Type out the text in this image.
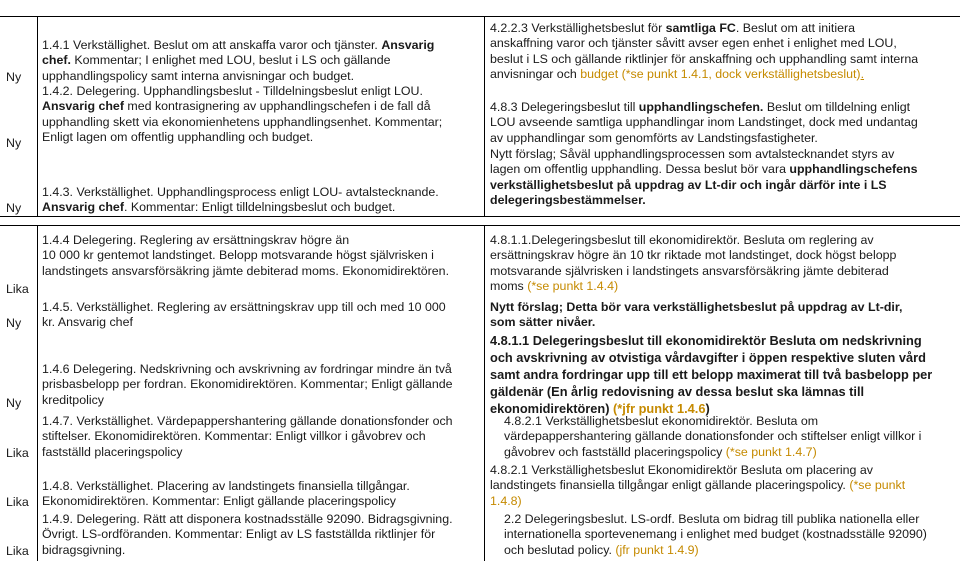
Ny
1.4.1 Verkställighet. Beslut om att anskaffa varor och tjänster. Ansvarig
chef. Kommentar; I enlighet med LOU, beslut i LS och gällande
upphandlingspolicy samt interna anvisningar och budget.
4.2.2.3 Verkställighetsbeslut för samtliga FC. Beslut om att initiera
anskaffning varor och tjänster såvitt avser egen enhet i enlighet med LOU,
beslut i LS och gällande riktlinjer för anskaffning och upphandling samt interna
anvisningar och budget (*se punkt 1.4.1, dock verkställighetsbeslut).
Ny
1.4.2. Delegering. Upphandlingsbeslut - Tilldelningsbeslut enligt LOU.
Ansvarig chef med kontrasignering av upphandlingschefen i de fall då
upphandling skett via ekonomienhetens upphandlingsenhet. Kommentar;
Enligt lagen om offentlig upphandling och budget.
4.8.3 Delegeringsbeslut till upphandlingschefen. Beslut om tilldelning enligt
LOU avseende samtliga upphandlingar inom Landstinget, dock med undantag
av upphandlingar som genomförts av Landstingsfastigheter.
Ny
1.4.3. Verkställighet. Upphandlingsprocess enligt LOU- avtalstecknande.
Ansvarig chef. Kommentar: Enligt tilldelningsbeslut och budget.
Nytt förslag; Såväl upphandlingsprocessen som avtalstecknandet styrs av
lagen om offentlig upphandling. Dessa beslut bör vara upphandlingschefens
verkställighetsbeslut på uppdrag av Lt-dir och ingår därför inte i LS
delegeringsbestämmelser.
Lika
1.4.4 Delegering. Reglering av ersättningskrav högre än
10 000 kr gentemot landstinget. Belopp motsvarande högst självrisken i
landstingets ansvarsförsäkring jämte debiterad moms. Ekonomidirektören.
4.8.1.1.Delegeringsbeslut till ekonomidirektör. Besluta om reglering av
ersättningskrav högre än 10 tkr riktade mot landstinget, dock högst belopp
motsvarande självrisken i landstingets ansvarsförsäkring jämte debiterad
moms (*se punkt 1.4.4)
Ny
1.4.5. Verkställighet. Reglering av ersättningskrav upp till och med 10 000
kr. Ansvarig chef
Nytt förslag; Detta bör vara verkställighetsbeslut på uppdrag av Lt-dir,
som sätter nivåer.
Ny
1.4.6 Delegering. Nedskrivning och avskrivning av fordringar mindre än två
prisbasbelopp per fordran. Ekonomidirektören. Kommentar; Enligt gällande
kreditpolicy
4.8.1.1 Delegeringsbeslut till ekonomidirektör Besluta om nedskrivning
och avskrivning av otvistiga vårdavgifter i öppen respektive sluten vård
samt andra fordringar upp till ett belopp maximerat till två basbelopp per
gäldenär (En årlig redovisning av dessa beslut ska lämnas till
ekonomidirektören) (*jfr punkt 1.4.6)
Lika
1.4.7. Verkställighet. Värdepappershantering gällande donationsfonder och
stiftelser. Ekonomidirektören. Kommentar: Enligt villkor i gåvobrev och
fastställd placeringspolicy
4.8.2.1 Verkställighetsbeslut ekonomidirektör. Besluta om
värdepappershantering gällande donationsfonder och stiftelser enligt villkor i
gåvobrev och fastställd placeringspolicy (*se punkt 1.4.7)
Lika
1.4.8. Verkställighet. Placering av landstingets finansiella tillgångar.
Ekonomidirektören. Kommentar: Enligt gällande placeringspolicy
4.8.2.1 Verkställighetsbeslut Ekonomidirektör Besluta om placering av
landstingets finansiella tillgångar enligt gällande placeringspolicy. (*se punkt
1.4.8)
Lika
1.4.9. Delegering. Rätt att disponera kostnadsställe 92090. Bidragsgivning.
Övrigt. LS-ordföranden. Kommentar: Enligt av LS fastställda riktlinjer för
bidragsgivning.
2.2 Delegeringsbeslut. LS-ordf. Besluta om bidrag till publika nationella eller
internationella sportevenemang i enlighet med budget (kostnadsställe 92090)
och beslutad policy. (jfr punkt 1.4.9)
